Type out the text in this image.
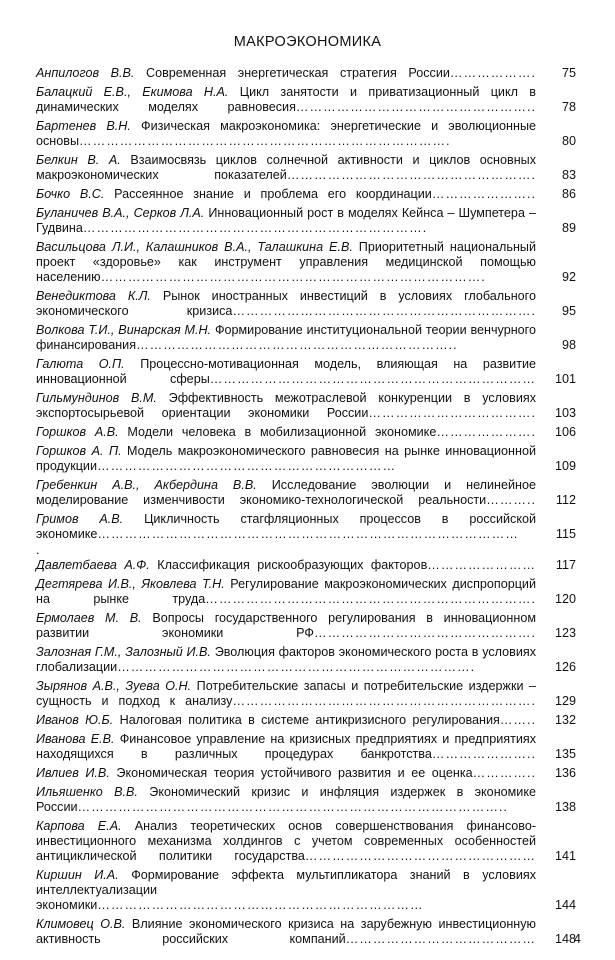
МАКРОЭКОНОМИКА
Анпилогов В.В. Современная энергетическая стратегия России……………….	75
Балацкий Е.В., Екимова Н.А. Цикл занятости и приватизационный цикл в динамических моделях равновесия……………………………………………..	78
Бартенев В.Н. Физическая макроэкономика: энергетические и эволюционные основы……………………………………………………………………….	80
Белкин В. А. Взаимосвязь циклов солнечной активности и циклов основных макроэкономических показателей……………………………………………….	83
Бочко В.С. Рассеянное знание и проблема его координации…………………..	86
Буланичев В.А., Серков Л.А. Инновационный рост в моделях Кейнса – Шумпетера – Гудвина………………………………………………………………….	89
Васильцова Л.И., Калашников В.А., Талашкина Е.В. Приоритетный национальный проект «здоровье» как инструмент управления медицинской помощью населению………………………………………………………………………….	92
Венедиктова К.Л. Рынок иностранных инвестиций в условиях глобального экономического кризиса………………………………………………………….	95
Волкова Т.И., Винарская М.Н. Формирование институциональной теории венчурного финансирования……………………………………………………………..	98
Галюта О.П. Процессно-мотивационная модель, влияющая на развитие инновационной сферы………………………………………………………………	101
Гильмундинов В.М. Эффективность межотраслевой конкуренции в условиях экспортосырьевой ориентации экономики России……………………………….	103
Горшков А.В. Модели человека в мобилизационной экономике………………….	106
Горшков А. П. Модель макроэкономического равновесия на рынке инновационной продукции…………………………………………………………	109
Гребенкин А.В., Акбердина В.В. Исследование эволюции и нелинейное моделирование изменчивости экономико-технологической реальности………..	112
Гримов А.В. Цикличность стагфляционных процессов в российской экономике…………………………………………………………………………………	115
.
Давлетбаева А.Ф. Классификация рискообразующих факторов……………………	117
Дегтярева И.В., Яковлева Т.Н. Регулирование макроэкономических диспропорций на рынке труда……………………………………………………………….	120
Ермолаев М. В. Вопросы государственного регулирования в инновационном развитии экономики РФ………………………………………….	123
Залозная Г.М., Залозный И.В. Эволюция факторов экономического роста в условиях глобализации…………………………………………………………………….	126
Зырянов А.В., Зуева О.Н. Потребительские запасы и потребительские издержки – сущность и подход к анализу………………………………………………………….	129
Иванов Ю.Б. Налоговая политика в системе антикризисного регулирования……..	132
Иванова Е.В. Финансовое управление на кризисных предприятиях и предприятиях находящихся в различных процедурах банкротства…………………..	135
Ивлиев И.В. Экономическая теория устойчивого развития и ее оценка…………..	136
Ильяшенко В.В. Экономический кризис и инфляция издержек в экономике России…………………………………………………………………………………..	138
Карпова Е.А. Анализ теоретических основ совершенствования финансово-инвестиционного механизма холдингов с учетом современных особенностей антициклической политики государства……………………………………………	141
Киршин И.А. Формирование эффекта мультипликатора знаний в условиях интеллектуализации экономики………………………………………………………………	144
Климовец О.В. Влияние экономического кризиса на зарубежную инвестиционную активность российских компаний……………………………………	148
4
